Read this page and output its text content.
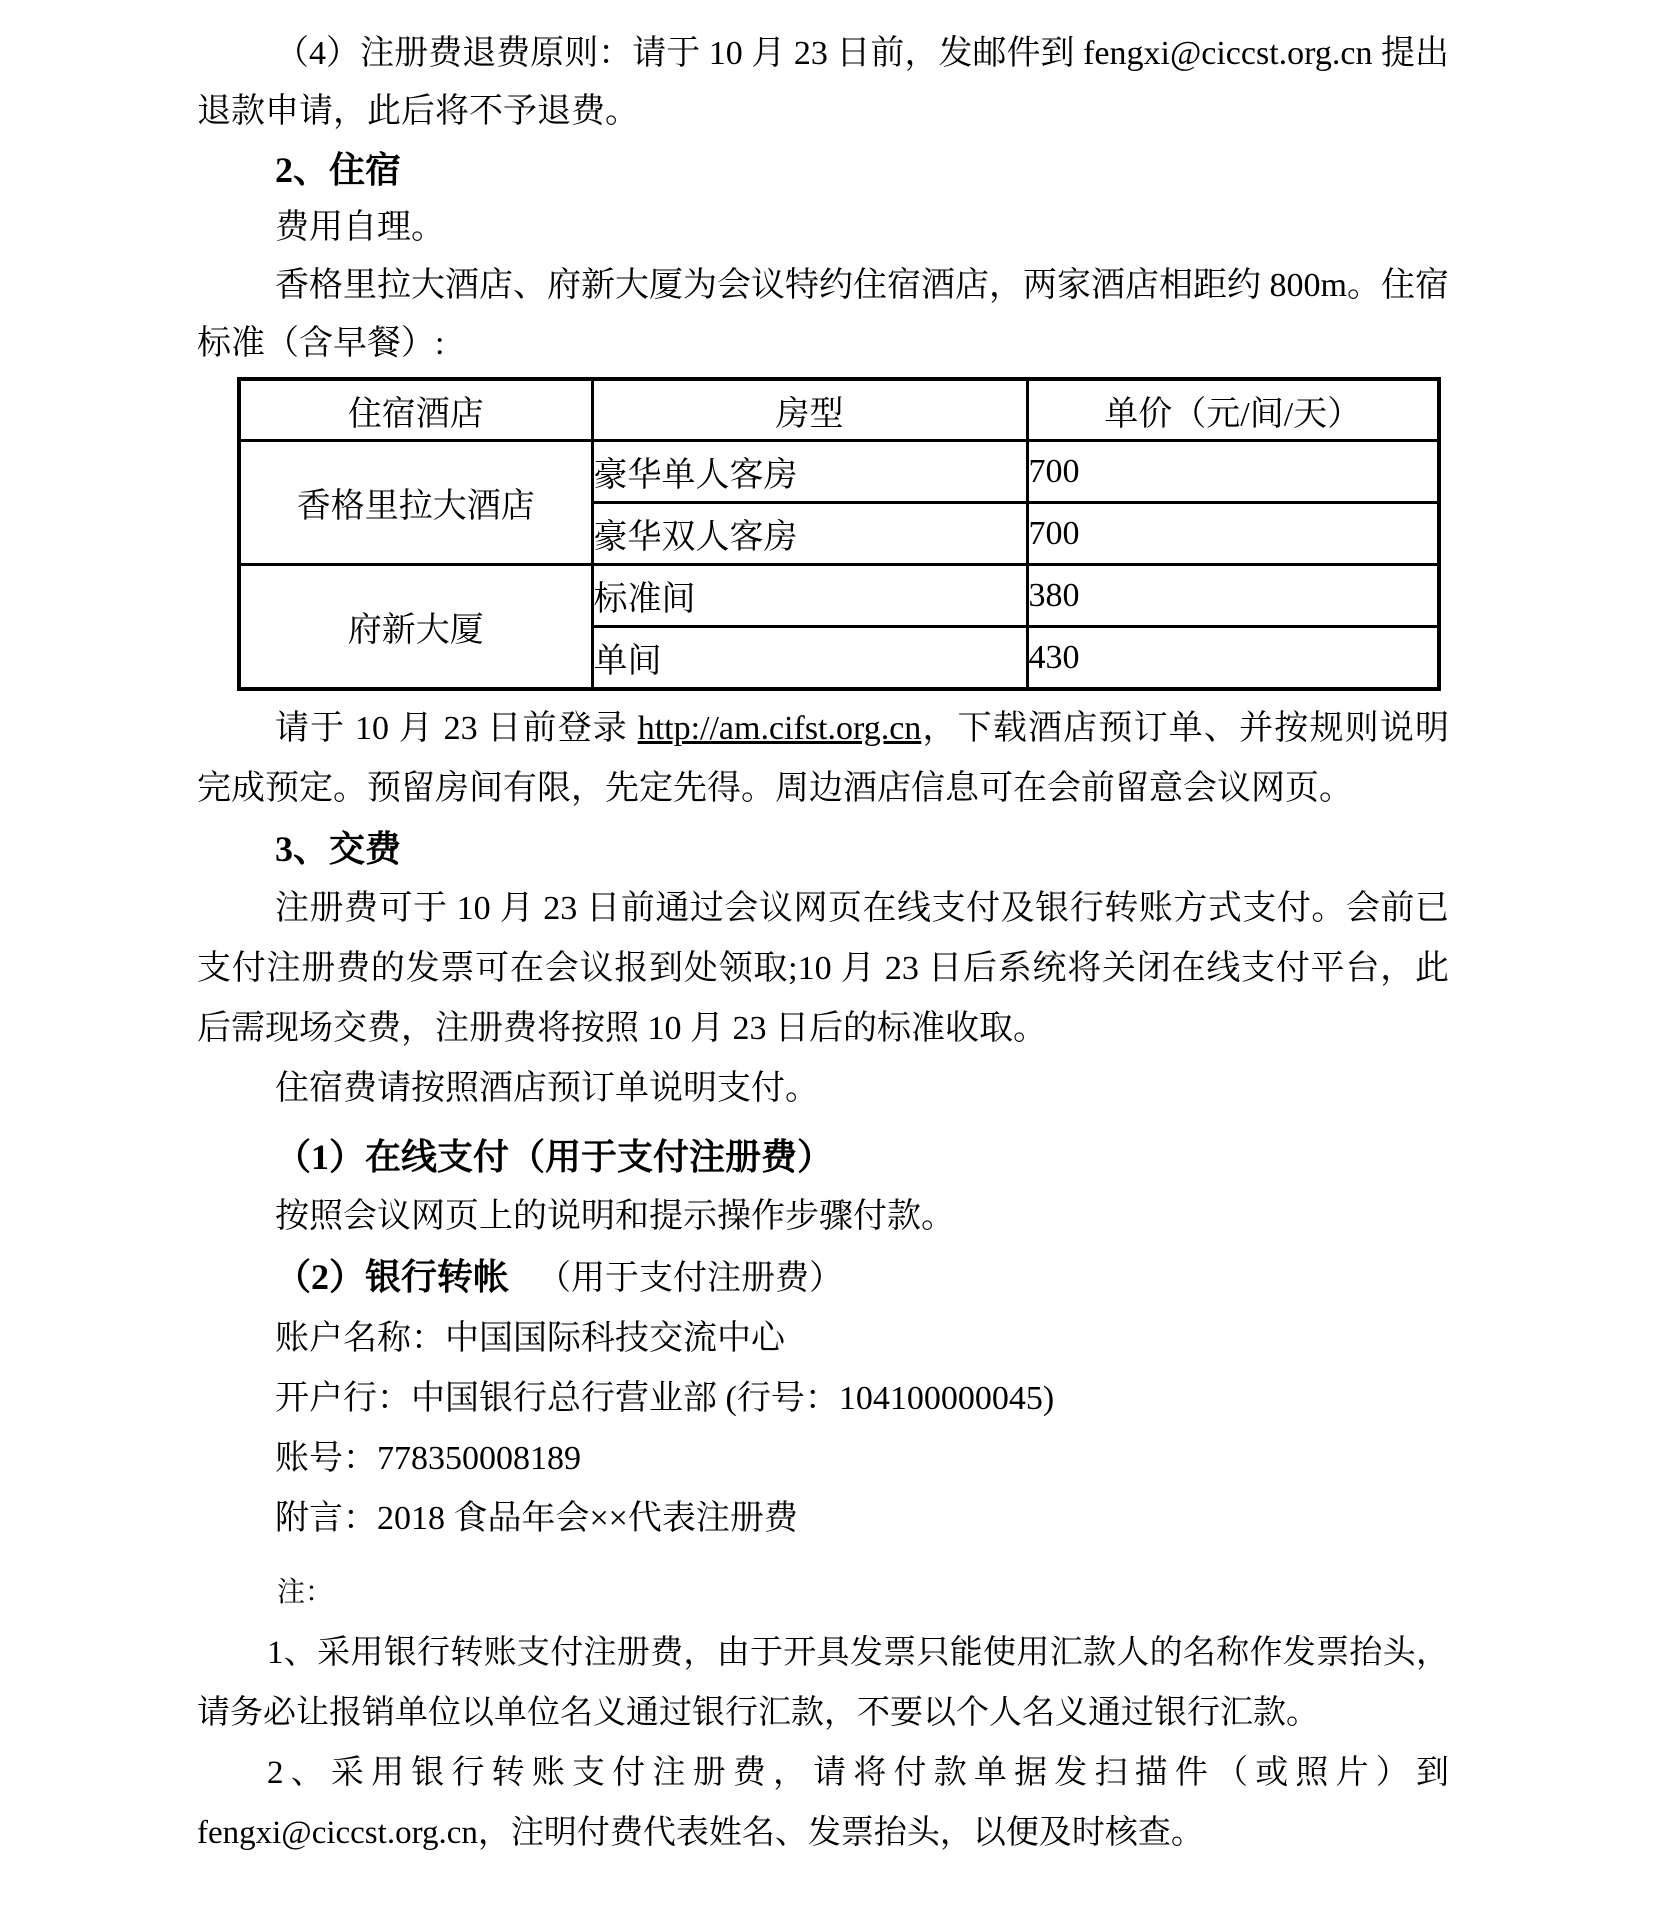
（4）注册费退费原则：请于 10 月 23 日前，发邮件到 fengxi@ciccst.org.cn 提出退款申请，此后将不予退费。

2、住宿

费用自理。

香格里拉大酒店、府新大厦为会议特约住宿酒店，两家酒店相距约 800m。住宿标准（含早餐）:

住宿酒店	房型	单价（元/间/天）
香格里拉大酒店	豪华单人客房	700
	豪华双人客房	700
府新大厦	标准间	380
	单间	430

请于 10 月 23 日前登录 http://am.cifst.org.cn，下载酒店预订单、并按规则说明完成预定。预留房间有限，先定先得。周边酒店信息可在会前留意会议网页。

3、交费

注册费可于 10 月 23 日前通过会议网页在线支付及银行转账方式支付。会前已支付注册费的发票可在会议报到处领取;10 月 23 日后系统将关闭在线支付平台，此后需现场交费，注册费将按照 10 月 23 日后的标准收取。

住宿费请按照酒店预订单说明支付。

（1）在线支付（用于支付注册费）

按照会议网页上的说明和提示操作步骤付款。

（2）银行转帐 （用于支付注册费）

账户名称：中国国际科技交流中心

开户行：中国银行总行营业部 (行号：104100000045)

账号：778350008189

附言：2018 食品年会××代表注册费

注：

1、采用银行转账支付注册费，由于开具发票只能使用汇款人的名称作发票抬头，请务必让报销单位以单位名义通过银行汇款，不要以个人名义通过银行汇款。

2、采用银行转账支付注册费，请将付款单据发扫描件（或照片）到 fengxi@ciccst.org.cn，注明付费代表姓名、发票抬头，以便及时核查。
